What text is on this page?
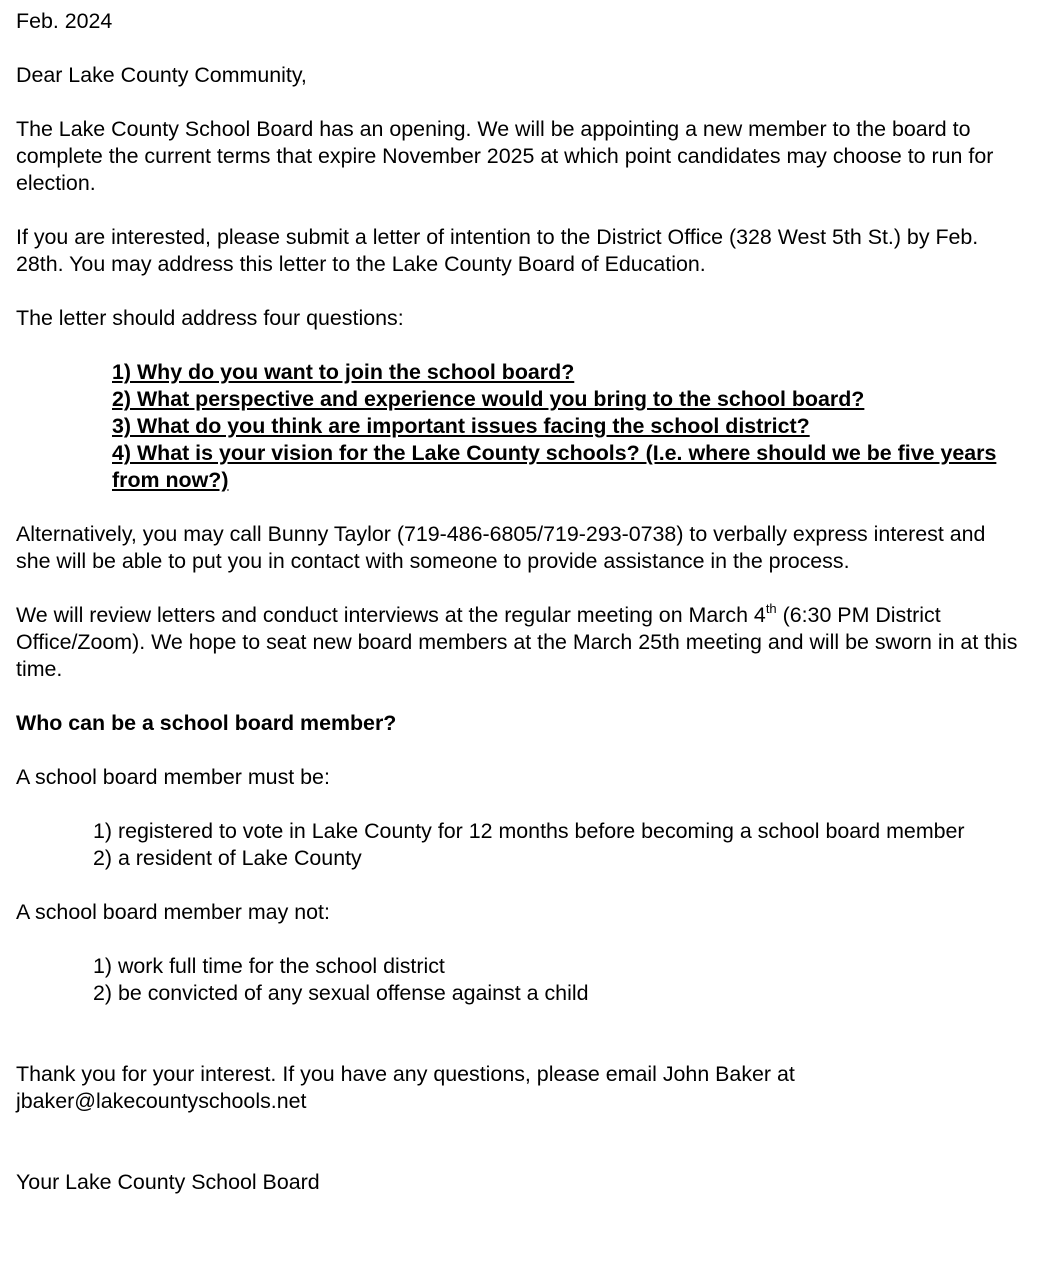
Feb. 2024

Dear Lake County Community,

The Lake County School Board has an opening. We will be appointing a new member to the board to complete the current terms that expire November 2025 at which point candidates may choose to run for election.

If you are interested, please submit a letter of intention to the District Office (328 West 5th St.) by Feb. 28th. You may address this letter to the Lake County Board of Education.

The letter should address four questions:

1) Why do you want to join the school board?

2) What perspective and experience would you bring to the school board?

3) What do you think are important issues facing the school district?

4) What is your vision for the Lake County schools? (I.e. where should we be five years from now?)

Alternatively, you may call Bunny Taylor (719-486-6805/719-293-0738) to verbally express interest and she will be able to put you in contact with someone to provide assistance in the process.

We will review letters and conduct interviews at the regular meeting on March 4th (6:30 PM District Office/Zoom). We hope to seat new board members at the March 25th meeting and will be sworn in at this time.

Who can be a school board member?

A school board member must be:

1) registered to vote in Lake County for 12 months before becoming a school board member

2) a resident of Lake County

A school board member may not:

1) work full time for the school district

2) be convicted of any sexual offense against a child

Thank you for your interest. If you have any questions, please email John Baker at jbaker@lakecountyschools.net

Your Lake County School Board
